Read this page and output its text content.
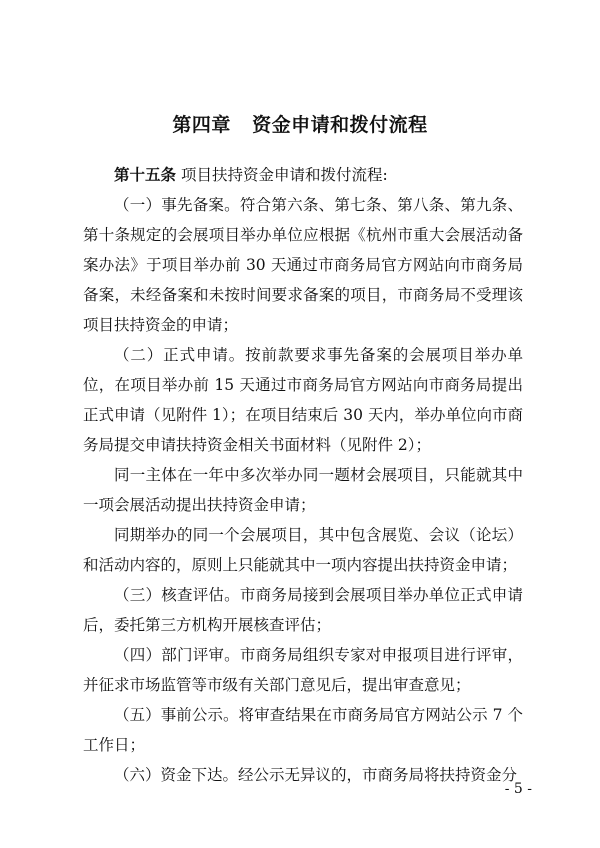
第四章   资金申请和拨付流程

第十五条 项目扶持资金申请和拨付流程:

（一）事先备案。符合第六条、第七条、第八条、第九条、第十条规定的会展项目举办单位应根据《杭州市重大会展活动备案办法》于项目举办前 30 天通过市商务局官方网站向市商务局备案，未经备案和未按时间要求备案的项目，市商务局不受理该项目扶持资金的申请；

（二）正式申请。按前款要求事先备案的会展项目举办单位，在项目举办前 15 天通过市商务局官方网站向市商务局提出正式申请（见附件 1）；在项目结束后 30 天内，举办单位向市商务局提交申请扶持资金相关书面材料（见附件 2）；

同一主体在一年中多次举办同一题材会展项目，只能就其中一项会展活动提出扶持资金申请；

同期举办的同一个会展项目，其中包含展览、会议（论坛）和活动内容的，原则上只能就其中一项内容提出扶持资金申请；

（三）核查评估。市商务局接到会展项目举办单位正式申请后，委托第三方机构开展核查评估；

（四）部门评审。市商务局组织专家对申报项目进行评审，并征求市场监管等市级有关部门意见后，提出审查意见；

（五）事前公示。将审查结果在市商务局官方网站公示 7 个工作日；

（六）资金下达。经公示无异议的，市商务局将扶持资金分

- 5 -
